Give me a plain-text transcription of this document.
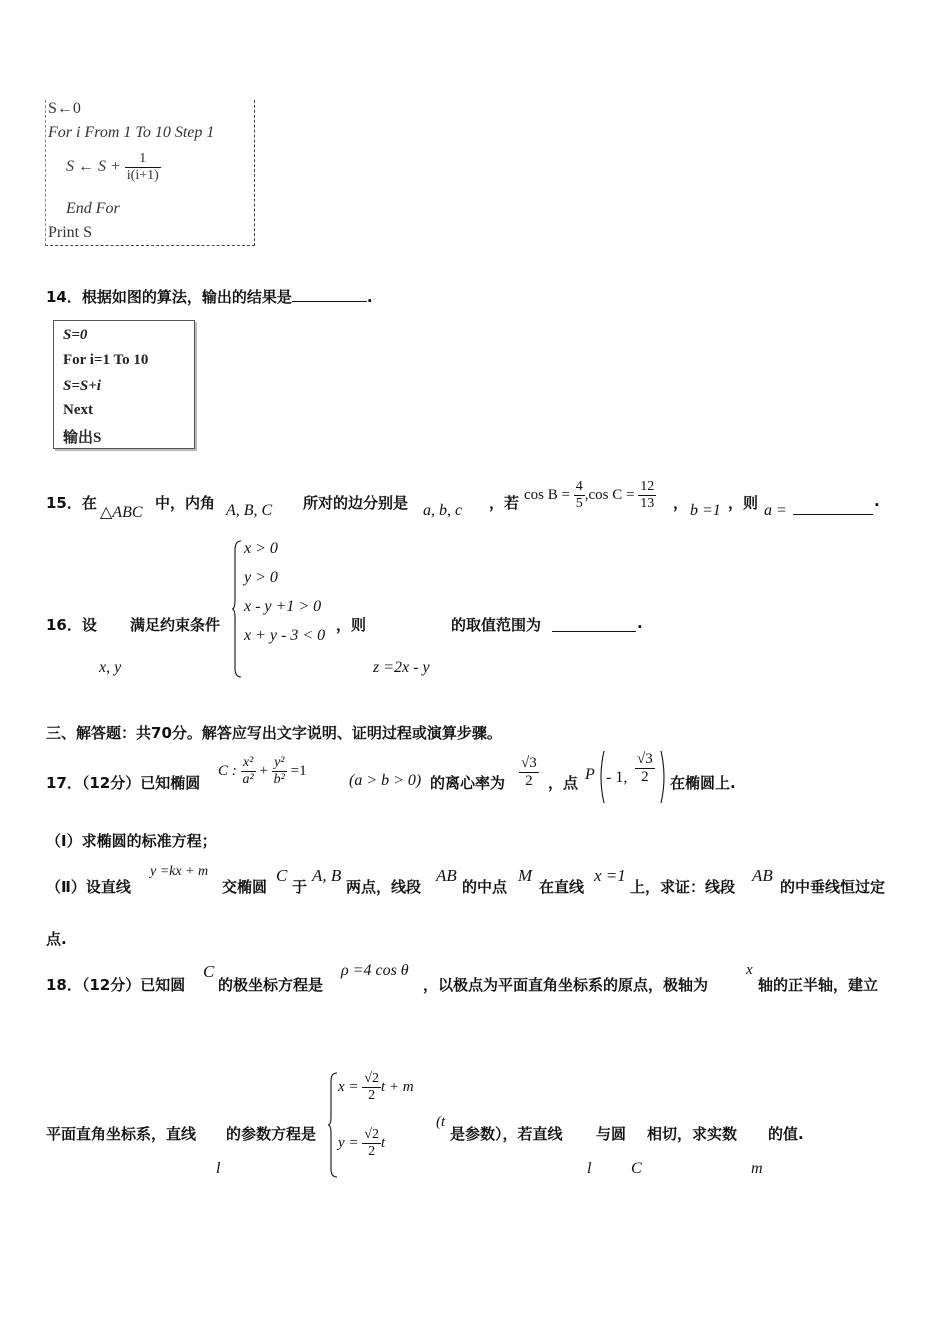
S←0
For i From 1 To 10 Step 1
S ← $S + \frac{1}{i(i+1)}$
End For
Print S
14．根据如图的算法，输出的结果是	.
S=0
For i=1 To 10
S=S+i
Next
输出S
15．在
△ABC
中，内角 A, B, C 所对的边分别是 a, b, c ，若 $\cos B = \frac{4}{5} ,\cos$ $C = \frac{12}{13}$ ， b =1 ，则 a =
.
x > 0
y > 0
x - y +1 > 0
x + y - 3 < 0
16．设 满足约束条件	，则	的取值范围为	.
x, y	z =2x - y
三、解答题：共70分。解答应写出文字说明、证明过程或演算步骤。
17．（12分）已知椭圆
C : $\frac{\text{x²}}{\text{a²}} + \frac{\text{y²}}{\text{b²}} =1$
(a > b > 0) 的离心率为 $\frac{√3}{2}$ ，点 P - 1, $\frac{√3}{2}$ 在椭圆上.
（Ⅰ）求椭圆的标准方程；
（Ⅱ）设直线
y =kx + m
交椭圆
C
于
A, B
两点，线段
AB
的中点
M
在直线
x =1
上，求证：线段
AB
的中垂线恒过定
点.
18．（12分）已知圆
C
的极坐标方程是
ρ =4 cos θ
，以极点为平面直角坐标系的原点，极轴为
x
轴的正半轴，建立
平面直角坐标系，直线 的参数方程是
l
$x = \frac{√2}{2}$ t + m
$y = \frac{√2}{2}$ t
(t
是参数），若直线 与圆 相切，求实数 的值.
l C	m
